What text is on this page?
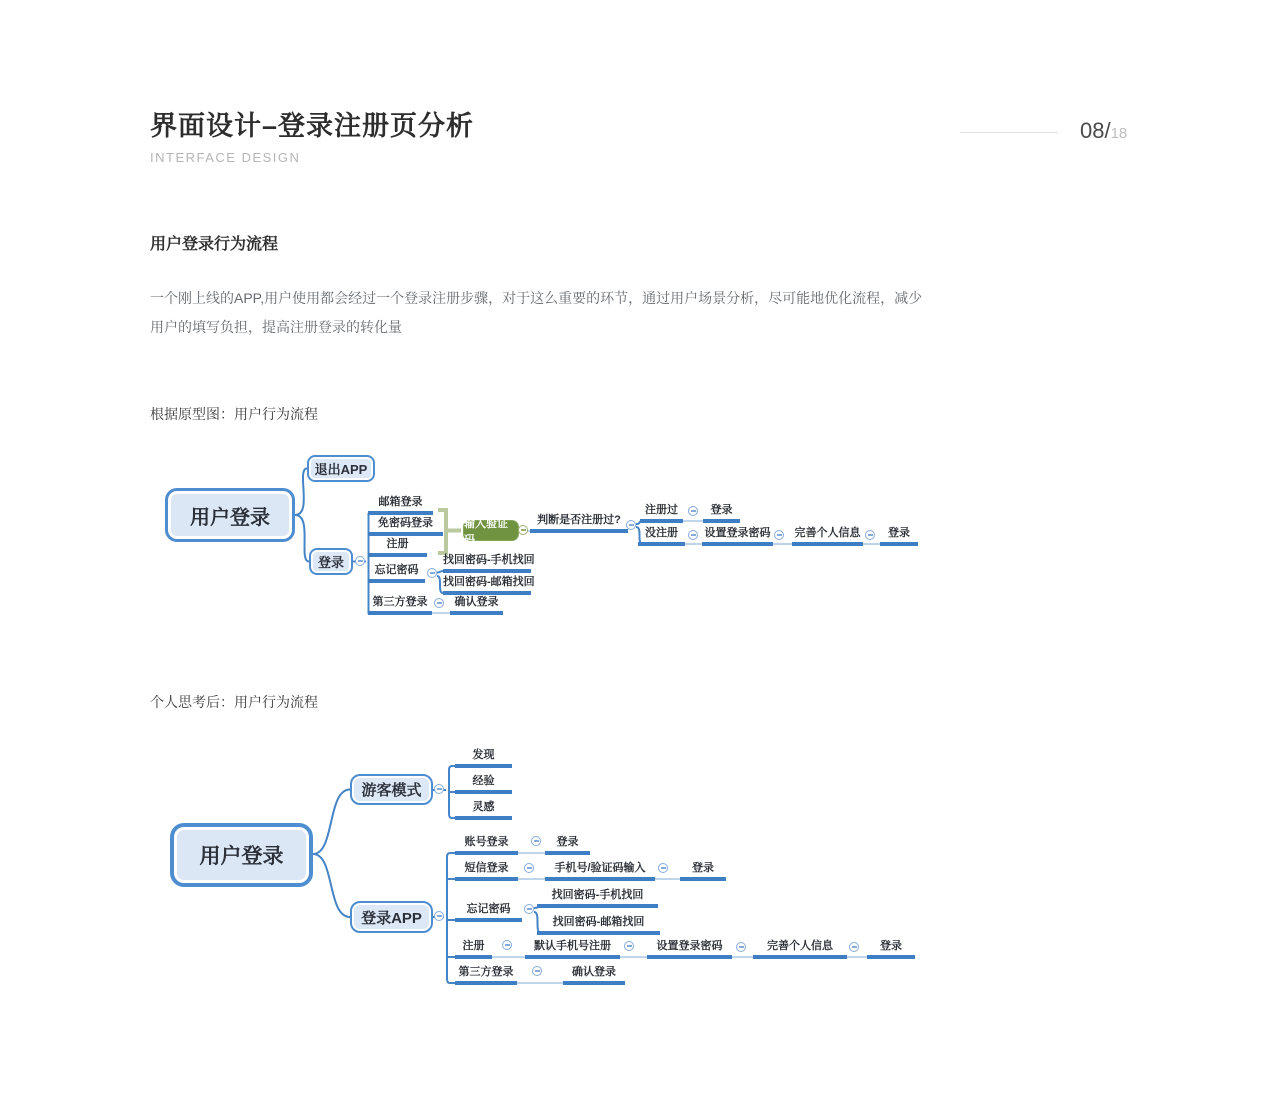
界面设计–登录注册页分析
INTERFACE DESIGN
08/18
用户登录行为流程
一个刚上线的APP,用户使用都会经过一个登录注册步骤，对于这么重要的环节，通过用户场景分析，尽可能地优化流程，减少用户的填写负担，提高注册登录的转化量
根据原型图：用户行为流程
个人思考后：用户行为流程
用户登录
退出APP
登录
输入验证码
邮箱登录
免密码登录
注册
忘记密码
第三方登录
判断是否注册过?
注册过	登录
没注册	设置登录密码 完善个人信息	登录
找回密码-手机找回
找回密码-邮箱找回
确认登录
用户登录
游客模式
登录APP
发现
经验
灵感
账号登录	登录
短信登录	手机号/验证码输入	登录
忘记密码
找回密码-手机找回
找回密码-邮箱找回
注册	默认手机号注册	设置登录密码	完善个人信息	登录
第三方登录	确认登录
